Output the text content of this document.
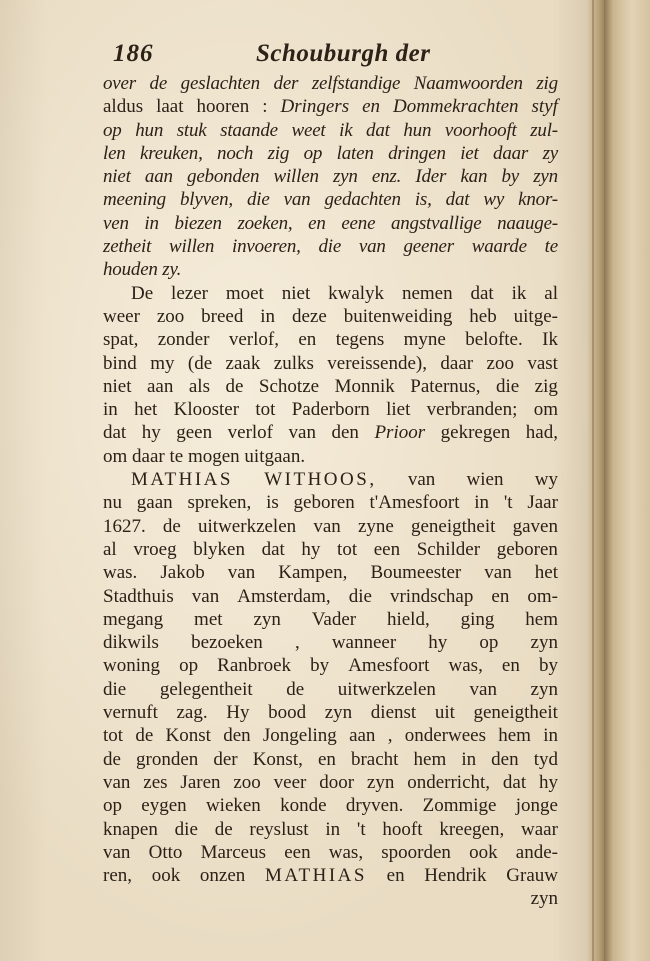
186	Schouburgh der
over de geslachten der zelfstandige Naamwoorden zig
aldus laat hooren : Dringers en Dommekrachten styf
op hun stuk staande weet ik dat hun voorhooft zul-
len kreuken, noch zig op laten dringen iet daar zy
niet aan gebonden willen zyn enz. Ider kan by zyn
meening blyven, die van gedachten is, dat wy knor-
ven in biezen zoeken, en eene angstvallige naauge-
zetheit willen invoeren, die van geener waarde te
houden
zy.
De lezer moet niet kwalyk nemen dat ik al
weer zoo breed in deze buitenweiding heb uitge-
spat, zonder verlof, en tegens myne belofte. Ik
bind my (de zaak zulks vereissende), daar zoo vast
niet aan als de Schotze Monnik Paternus, die zig
in het Klooster tot Paderborn liet verbranden; om
dat hy geen verlof van den Prioor gekregen had,
om
daar
te
mogen
uitgaan.
MATHIAS WITHOOS, van wien wy
nu gaan spreken, is geboren t'Amesfoort in 't Jaar
1627. de uitwerkzelen van zyne geneigtheit gaven
al vroeg blyken dat hy tot een Schilder geboren
was. Jakob van Kampen, Boumeester van het
Stadthuis van Amsterdam, die vrindschap en om-
megang met zyn Vader hield, ging hem
dikwils bezoeken , wanneer hy op zyn
woning op Ranbroek by Amesfoort was, en by
die gelegentheit de uitwerkzelen van zyn
vernuft zag. Hy bood zyn dienst uit geneigtheit
tot de Konst den Jongeling aan , onderwees hem in
de gronden der Konst, en bracht hem in den tyd
van zes Jaren zoo veer door zyn onderricht, dat hy
op eygen wieken konde dryven. Zommige jonge
knapen die de reyslust in 't hooft kreegen, waar
van Otto Marceus een was, spoorden ook ande-
ren, ook onzen MATHIAS en Hendrik Grauw
zyn
